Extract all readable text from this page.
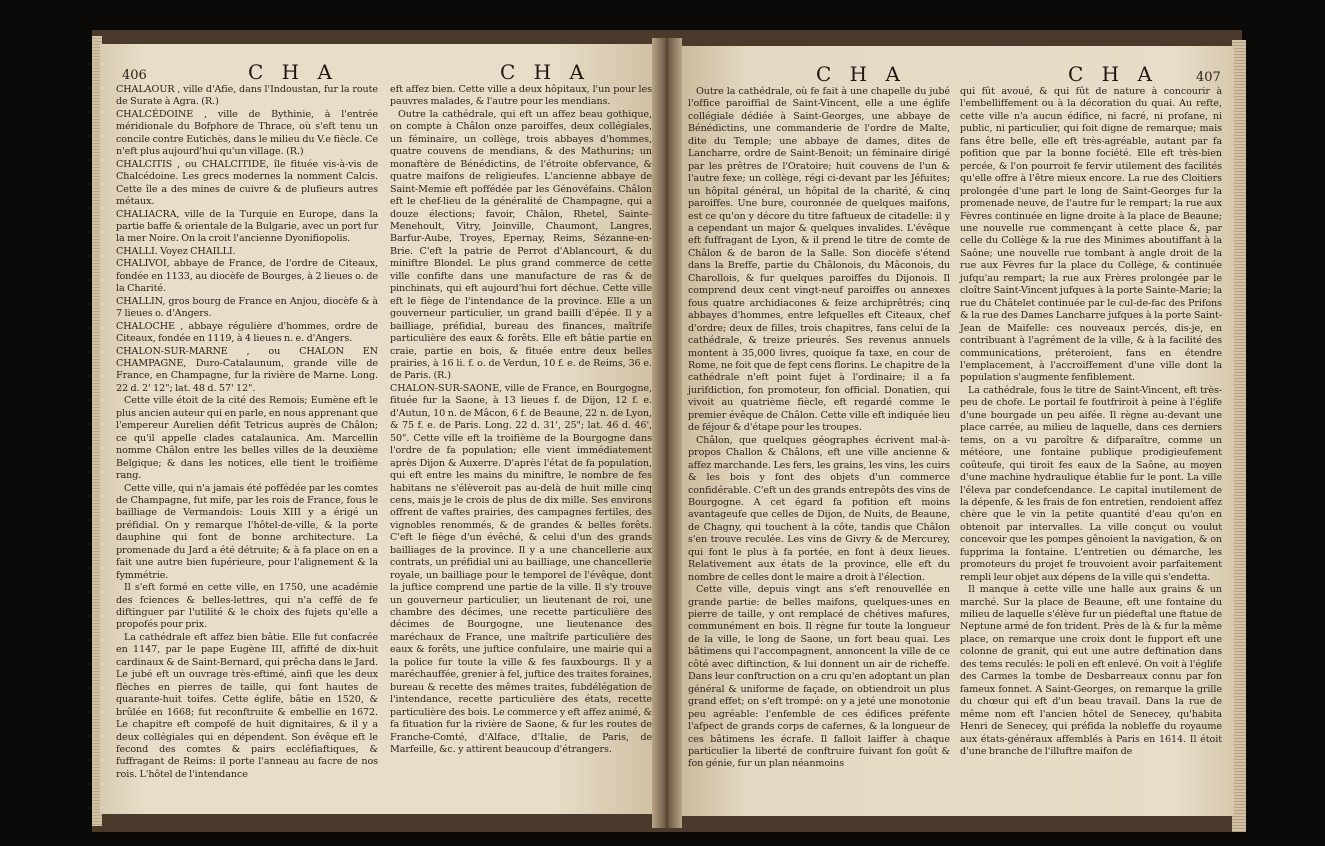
406	C H A	C H A

CHALAOUR , ville d'Afie, dans l'Indoustan, fur la route de Surate à Agra. (R.)

CHALCÉDOINE , ville de Bythinie, à l'entrée méridionale du Bofphore de Thrace, où s'eft tenu un concile contre Eutichès, dans le milieu du V.e fiècle. Ce n'eft plus aujourd'hui qu'un village. (R.)

CHALCITIS , ou CHALCITIDE, île fituée vis-à-vis de Chalcédoine. Les grecs modernes la nomment Calcis. Cette île a des mines de cuivre & de plufieurs autres métaux.

CHALIACRA, ville de la Turquie en Europe, dans la partie baffe & orientale de la Bulgarie, avec un port fur la mer Noire. On la croit l'ancienne Dyonifiopolis.

CHALLI. Voyez CHAILLI.

CHALIVOI, abbaye de France, de l'ordre de Citeaux, fondée en 1133, au diocèfe de Bourges, à 2 lieues o. de la Charité.

CHALLIN, gros bourg de France en Anjou, diocèfe & à 7 lieues o. d'Angers.

CHALOCHE , abbaye régulière d'hommes, ordre de Citeaux, fondée en 1119, à 4 lieues n. e. d'Angers.

CHALON-SUR-MARNE , ou CHALON EN CHAMPAGNE, Duro-Catalaunum, grande ville de France, en Champagne, fur la rivière de Marne. Long. 22 d. 2' 12"; lat. 48 d. 57' 12".

Cette ville étoit de la cité des Remois; Eumène eft le plus ancien auteur qui en parle, en nous apprenant que l'empereur Aurelien défit Tetricus auprès de Châlon; ce qu'il appelle clades catalaunica. Am. Marcellin nomme Châlon entre les belles villes de la deuxième Belgique; & dans les notices, elle tient le troifième rang.

Cette ville, qui n'a jamais été poffédée par les comtes de Champagne, fut mife, par les rois de France, fous le bailliage de Vermandois: Louis XIII y a érigé un préfidial. On y remarque l'hôtel-de-ville, & la porte dauphine qui font de bonne architecture. La promenade du Jard a été détruite; & à fa place on en a fait une autre bien fupérieure, pour l'alignement & la fymmétrie.

Il s'eft formé en cette ville, en 1750, une académie des fciences & belles-lettres, qui n'a ceffé de fe diftinguer par l'utilité & le choix des fujets qu'elle a propofés pour prix.

La cathédrale eft affez bien bâtie. Elle fut confacrée en 1147, par le pape Eugène III, affifté de dix-huit cardinaux & de Saint-Bernard, qui prêcha dans le Jard. Le jubé eft un ouvrage très-eftimé, ainfi que les deux flèches en pierres de taille, qui font hautes de quarante-huit toifes. Cette églife, bâtie en 1520, & brûlée en 1668; fut reconftruite & embellie en 1672. Le chapitre eft compofé de huit dignitaires, & il y a deux collégiales qui en dépendent. Son évêque eft le fecond des comtes & pairs eccléfiaftiques, & fuffragant de Reims: il porte l'anneau au facre de nos rois. L'hôtel de l'intendance

eft affez bien. Cette ville a deux hôpitaux, l'un pour les pauvres malades, & l'autre pour les mendians.

Outre la cathédrale, qui eft un affez beau gothique, on compte à Châlon onze paroiffes, deux collégiales, un féminaire, un collège, trois abbayes d'hommes, quatre couvens de mendians, & des Mathurins; un monaftère de Bénédictins, de l'étroite obfervance, & quatre maifons de religieufes. L'ancienne abbaye de Saint-Memie eft poffédée par les Génovéfains. Châlon eft le chef-lieu de la généralité de Champagne, qui a douze élections; favoir, Châlon, Rhetel, Sainte-Menehoult, Vitry, Joinville, Chaumont, Langres, Barfur-Aube, Troyes, Epernay, Reims, Sézanne-en-Brie. C'eft la patrie de Perrot d'Ablancourt, & du miniftre Blondel. Le plus grand commerce de cette ville confifte dans une manufacture de ras & de pinchinats, qui eft aujourd'hui fort déchue. Cette ville eft le fiège de l'intendance de la province. Elle a un gouverneur particulier, un grand bailli d'épée. Il y a bailliage, préfidial, bureau des finances, maîtrife particulière des eaux & forêts. Elle eft bâtie partie en craie, partie en bois, & fituée entre deux belles prairies, à 16 li. f. o. de Verdun, 10 f. e. de Reims, 36 e. de Paris. (R.)

CHALON-SUR-SAONE, ville de France, en Bourgogne, fituée fur la Saone, à 13 lieues f. de Dijon, 12 f. e. d'Autun, 10 n. de Mâcon, 6 f. de Beaune, 22 n. de Lyon, & 75 f. e. de Paris. Long. 22 d. 31', 25"; lat. 46 d. 46', 50". Cette ville eft la troifième de la Bourgogne dans l'ordre de fa population; elle vient immédiatement après Dijon & Auxerre. D'après l'état de fa population, qui eft entre les mains du miniftre, le nombre de fes habitans ne s'élèveroit pas au-delà de huit mille cinq cens, mais je le crois de plus de dix mille. Ses environs offrent de vaftes prairies, des campagnes fertiles, des vignobles renommés, & de grandes & belles forêts. C'eft le fiège d'un évêché, & celui d'un des grands bailliages de la province. Il y a une chancellerie aux contrats, un préfidial uni au bailliage, une chancellerie royale, un bailliage pour le temporel de l'évêque, dont la juftice comprend une partie de la ville. Il s'y trouve un gouverneur particulier, un lieutenant de roi, une chambre des décimes, une recette particulière des décimes de Bourgogne, une lieutenance des maréchaux de France, une maîtrife particulière des eaux & forêts, une juftice confulaire, une mairie qui a la police fur toute la ville & fes fauxbourgs. Il y a maréchauffée, grenier à fel, juftice des traites foraines, bureau & recette des mêmes traites, fubdélégation de l'intendance, recette particulière des états, recette particulière des bois. Le commerce y eft affez animé, & fa fituation fur la rivière de Saone, & fur les routes de Franche-Comté, d'Alface, d'Italie, de Paris, de Marfeille, &c. y attirent beaucoup d'étrangers.

C H A	C H A	407

Outre la cathédrale, où fe fait à une chapelle du jubé l'office paroiffial de Saint-Vincent, elle a une églife collégiale dédiée à Saint-Georges, une abbaye de Bénédictins, une commanderie de l'ordre de Malte, dite du Temple; une abbaye de dames, dites de Lancharre, ordre de Saint-Benoit; un féminaire dirigé par les prêtres de l'Oratoire; huit couvens de l'un & l'autre fexe; un collège, régi ci-devant par les Jéfuites; un hôpital général, un hôpital de la charité, & cinq paroiffes. Une bure, couronnée de quelques maifons, est ce qu'on y décore du titre faftueux de citadelle: il y a cependant un major & quelques invalides. L'évêque eft fuffragant de Lyon, & il prend le titre de comte de Châlon & de baron de la Salle. Son diocèfe s'étend dans la Breffe, partie du Châlonois, du Mâconois, du Charollois, & fur quelques paroiffes du Dijonois. Il comprend deux cent vingt-neuf paroiffes ou annexes fous quatre archidiacones & feize archiprêtrés; cinq abbayes d'hommes, entre lefquelles eft Citeaux, chef d'ordre; deux de filles, trois chapitres, fans celui de la cathédrale, & treize prieurés. Ses revenus annuels montent à 35,000 livres, quoique fa taxe, en cour de Rome, ne foit que de fept cens florins. Le chapitre de la cathédrale n'eft point fujet à l'ordinaire; il a fa jurifdiction, fon promoteur, fon official. Donatien, qui vivoit au quatrième fiècle, eft regardé comme le premier évêque de Châlon. Cette ville eft indiquée lieu de féjour & d'étape pour les troupes.

Châlon, que quelques géographes écrivent mal-à-propos Challon & Châlons, eft une ville ancienne & affez marchande. Les fers, les grains, les vins, les cuirs & les bois y font des objets d'un commerce confidérable. C'eft un des grands entrepôts des vins de Bourgogne. A cet égard fa pofition eft moins avantageufe que celles de Dijon, de Nuits, de Beaune, de Chagny, qui touchent à la côte, tandis que Châlon s'en trouve reculée. Les vins de Givry & de Mercurey, qui font le plus à fa portée, en font à deux lieues. Relativement aux états de la province, elle eft du nombre de celles dont le maire a droit à l'élection.

Cette ville, depuis vingt ans s'eft renouvellée en grande partie: de belles maifons, quelques-unes en pierre de taille, y ont remplacé de chétives mafures, communément en bois. Il règne fur toute la longueur de la ville, le long de Saone, un fort beau quai. Les bâtimens qui l'accompagnent, annoncent la ville de ce côté avec diftinction, & lui donnent un air de richeffe. Dans leur conftruction on a cru qu'en adoptant un plan général & uniforme de façade, on obtiendroit un plus grand effet; on s'eft trompé: on y a jeté une monotonie peu agréable: l'enfemble de ces édifices préfente l'afpect de grands corps de cafernes, & la longueur de ces bâtimens les écrafe. Il falloit laiffer à chaque particulier la liberté de conftruire fuivant fon goût & fon génie, fur un plan néanmoins

qui fût avoué, & qui fût de nature à concourir à l'embelliffement ou à la décoration du quai. Au refte, cette ville n'a aucun édifice, ni facré, ni profane, ni public, ni particulier, qui foit digne de remarque; mais fans être belle, elle eft très-agréable, autant par fa pofition que par la bonne fociété. Elle eft très-bien percée, & l'on pourroit fe fervir utilement des facilités qu'elle offre à l'être mieux encore. La rue des Cloitiers prolongée d'une part le long de Saint-Georges fur la promenade neuve, de l'autre fur le rempart; la rue aux Fèvres continuée en ligne droite à la place de Beaune; une nouvelle rue commençant à cette place &, par celle du Collège & la rue des Minimes aboutiffant à la Saône; une nouvelle rue tombant à angle droit de la rue aux Fèvres fur la place du Collège, & continuée jufqu'au rempart; la rue aux Frères prolongée par le cloître Saint-Vincent jufques à la porte Sainte-Marie; la rue du Châtelet continuée par le cul-de-fac des Prifons & la rue des Dames Lancharre jufques à la porte Saint-Jean de Maifelle: ces nouveaux percés, dis-je, en contribuant à l'agrément de la ville, & à la facilité des communications, préteroient, fans en étendre l'emplacement, à l'accroiffement d'une ville dont la population s'augmente fenfiblement.

La cathédrale, fous le titre de Saint-Vincent, eft très-peu de chofe. Le portail fe foutfriroit à peine à l'églife d'une bourgade un peu aifée. Il règne au-devant une place carrée, au milieu de laquelle, dans ces derniers tems, on a vu paroître & difparaître, comme un météore, une fontaine publique prodigieufement coûteufe, qui tiroit fes eaux de la Saône, au moyen d'une machine hydraulique établie fur le pont. La ville l'éleva par condefcendance. Le capital inutilement de la dépenfe, & les frais de fon entretien, rendoient affez chère que le vin la petite quantité d'eau qu'on en obtenoit par intervalles. La ville conçut ou voulut concevoir que les pompes gênoient la navigation, & on fupprima la fontaine. L'entretien ou démarche, les promoteurs du projet fe trouvoient avoir parfaitement rempli leur objet aux dépens de la ville qui s'endetta.

Il manque à cette ville une halle aux grains & un marché. Sur la place de Beaune, eft une fontaine du milieu de laquelle s'élève fur un piédeftal une ftatue de Neptune armé de fon trident. Près de là & fur la même place, on remarque une croix dont le fupport eft une colonne de granit, qui eut une autre deftination dans des tems reculés: le poli en eft enlevé. On voit à l'églife des Carmes la tombe de Desbarreaux connu par fon fameux fonnet. A Saint-Georges, on remarque la grille du chœur qui eft d'un beau travail. Dans la rue de même nom eft l'ancien hôtel de Senecey, qu'habita Henri de Senecey, qui préfida la nobleffe du royaume aux états-généraux affemblés à Paris en 1614. Il étoit d'une branche de l'illuftre maifon de
